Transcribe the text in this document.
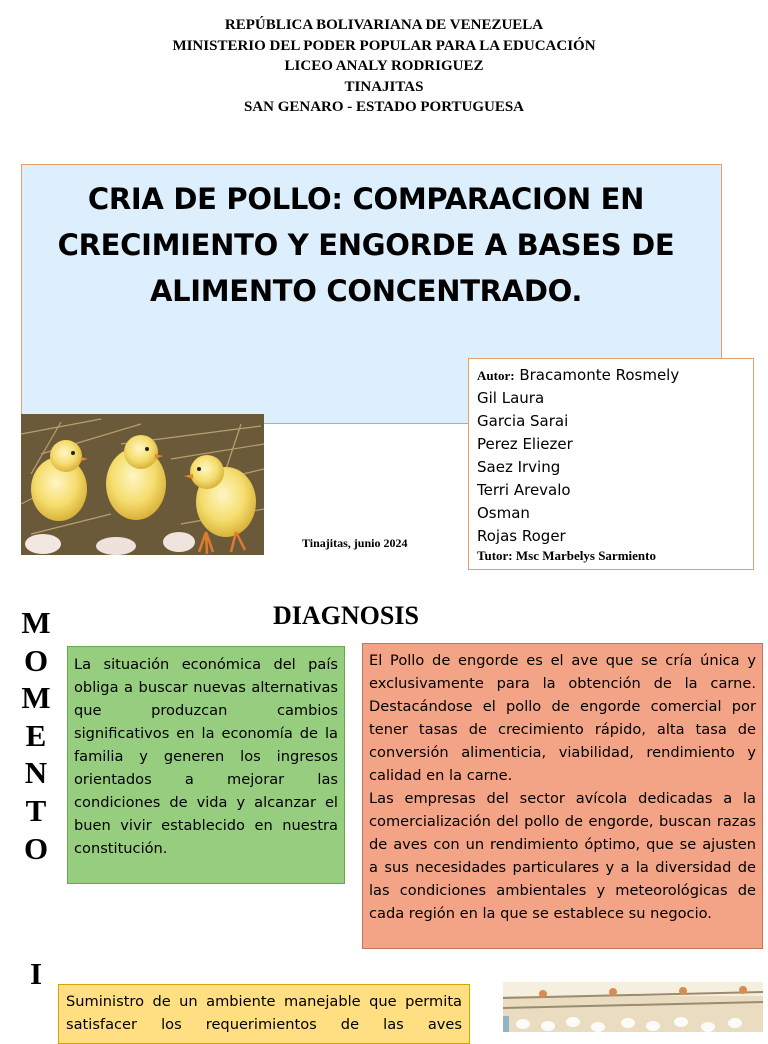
REPÚBLICA BOLIVARIANA DE VENEZUELA
MINISTERIO DEL PODER POPULAR PARA LA EDUCACIÓN
LICEO ANALY RODRIGUEZ
TINAJITAS
SAN GENARO - ESTADO PORTUGUESA
CRIA DE POLLO: COMPARACION EN
CRECIMIENTO Y ENGORDE A BASES DE
ALIMENTO CONCENTRADO.
Tinajitas, junio 2024
Autor: Bracamonte Rosmely
Gil Laura
Garcia Sarai
Perez Eliezer
Saez Irving
Terri Arevalo
Osman
Rojas Roger
Tutor: Msc Marbelys Sarmiento
M
O
M
E
N
T
O
I
DIAGNOSIS
La situación económica del país obliga a buscar nuevas alternativas que produzcan cambios significativos en la economía de la familia y generen los ingresos orientados a mejorar las condiciones de vida y alcanzar el buen vivir establecido en nuestra constitución.

El Pollo de engorde es el ave que se cría única y exclusivamente para la obtención de la carne. Destacándose el pollo de engorde comercial por tener tasas de crecimiento rápido, alta tasa de conversión alimenticia, viabilidad, rendimiento y calidad en la carne.

Las empresas del sector avícola dedicadas a la comercialización del pollo de engorde, buscan razas de aves con un rendimiento óptimo, que se ajusten a sus necesidades particulares y a la diversidad de las condiciones ambientales y meteorológicas de cada región en la que se establece su negocio.

Suministro de un ambiente manejable que permita satisfacer los requerimientos de las aves
